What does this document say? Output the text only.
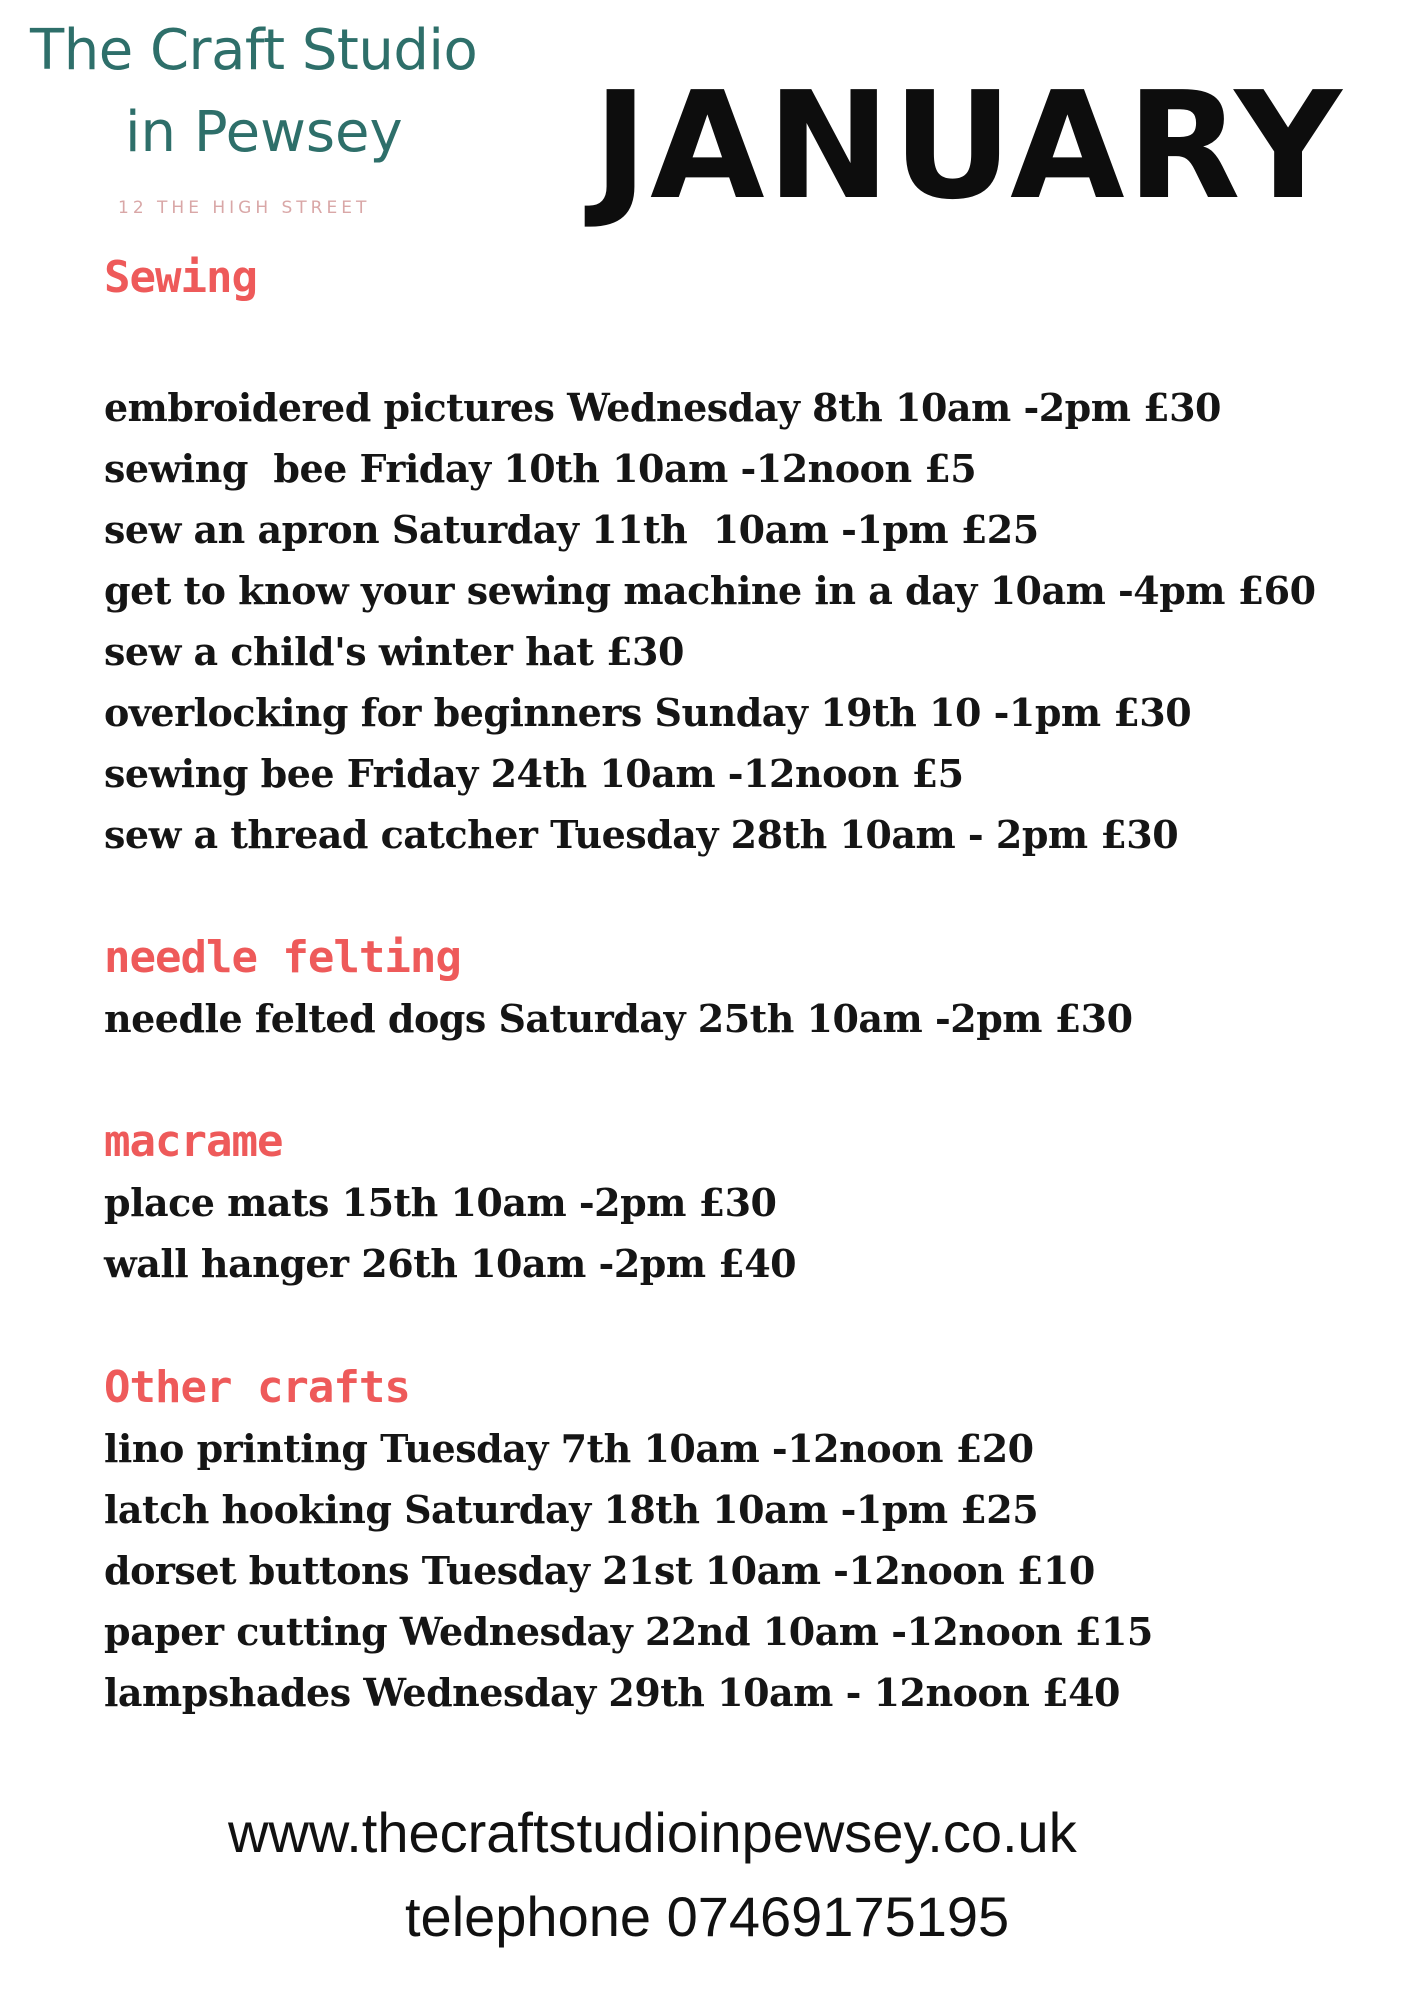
The Craft Studio
in Pewsey
12 THE HIGH STREET JANUARY
Sewing
embroidered pictures Wednesday 8th 10am -2pm £30
sewing  bee Friday 10th 10am -12noon £5
sew an apron Saturday 11th  10am -1pm £25
get to know your sewing machine in a day 10am -4pm £60
sew a child's winter hat £30
overlocking for beginners Sunday 19th 10 -1pm £30
sewing bee Friday 24th 10am -12noon £5
sew a thread catcher Tuesday 28th 10am - 2pm £30
needle felting
needle felted dogs Saturday 25th 10am -2pm £30
macrame
place mats 15th 10am -2pm £30
wall hanger 26th 10am -2pm £40
Other crafts
lino printing Tuesday 7th 10am -12noon £20
latch hooking Saturday 18th 10am -1pm £25
dorset buttons Tuesday 21st 10am -12noon £10
paper cutting Wednesday 22nd 10am -12noon £15
lampshades Wednesday 29th 10am - 12noon £40
www.thecraftstudioinpewsey.co.uk
telephone 07469175195
